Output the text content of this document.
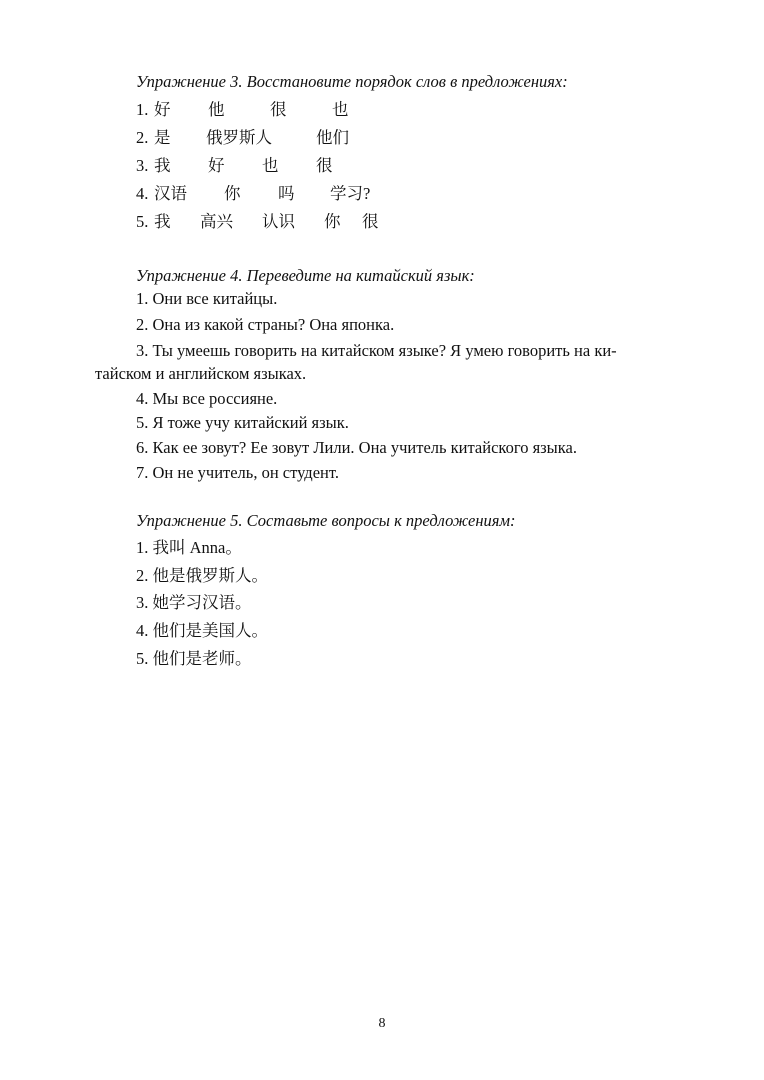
Упражнение 3. Восстановите порядок слов в предложениях:
1. 好 他	很	也
2. 是 俄罗斯人	他们
3. 我 好 也 很
4. 汉语 你 吗 学习?
5. 我 高兴 认识 你 很
Упражнение 4. Переведите на китайский язык:
1. Они все китайцы.
2. Она из какой страны? Она японка.
3. Ты умеешь говорить на китайском языке? Я умею говорить на ки-
тайском и английском языках.
4. Мы все россияне.
5. Я тоже учу китайский язык.
6. Как ее зовут? Ее зовут Лили. Она учитель китайского языка.
7. Он не учитель, он студент.
Упражнение 5. Составьте вопросы к предложениям:
1. 我叫 Anna。
2. 他是俄罗斯人。
3. 她学习汉语。
4. 他们是美国人。
5. 他们是老师。
8
